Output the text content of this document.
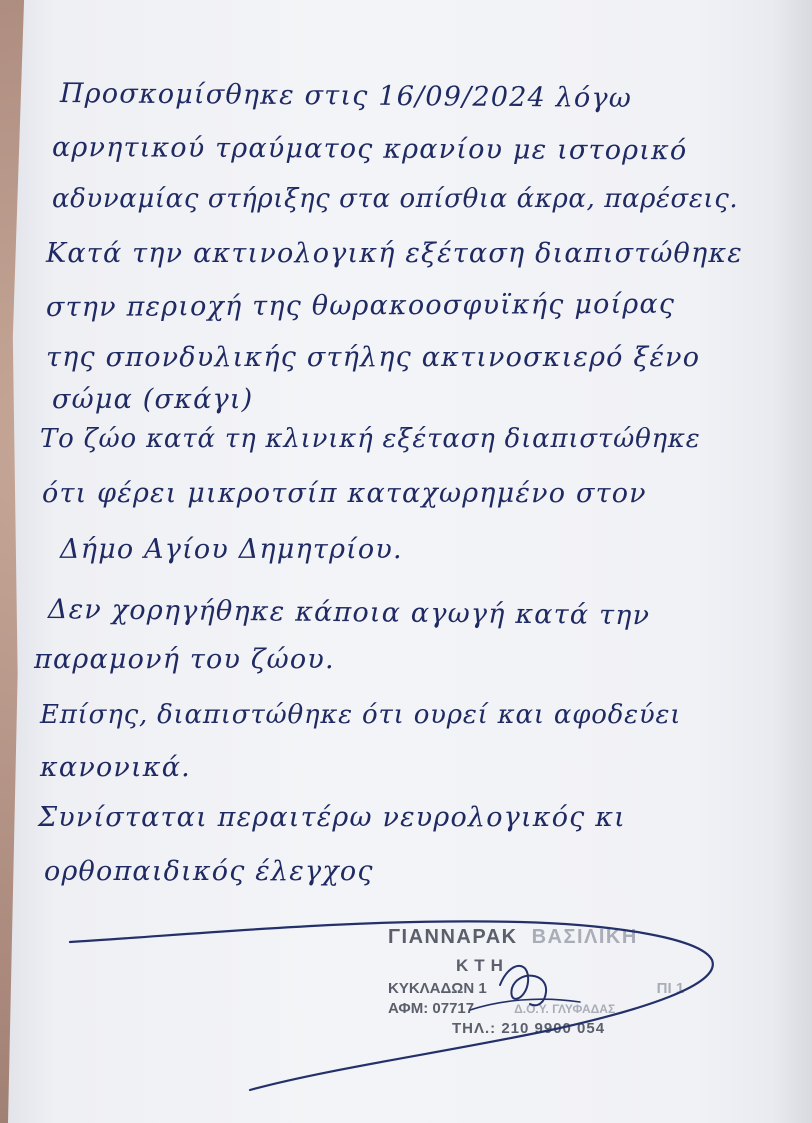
Προσκομίσθηκε στις 16/09/2024 λόγω
αρνητικού τραύματος κρανίου με ιστορικό
αδυναμίας στήριξης στα οπίσθια άκρα, παρέσεις.
Κατά την ακτινολογική εξέταση διαπιστώθηκε
στην περιοχή της θωρακοοσφυϊκής μοίρας
της σπονδυλικής στήλης ακτινοσκιερό ξένο
σώμα (σκάγι)
Το ζώο κατά τη κλινική εξέταση διαπιστώθηκε
ότι φέρει μικροτσίπ καταχωρημένο στον
Δήμο Αγίου Δημητρίου.
Δεν χορηγήθηκε κάποια αγωγή κατά την
παραμονή του ζώου.
Επίσης, διαπιστώθηκε ότι ουρεί και αφοδεύει
κανονικά.
Συνίσταται περαιτέρω νευρολογικός κι
ορθοπαιδικός έλεγχος
ΓΙΑΝΝΑΡΑΚ ΒΑΣΙΛΙΚΗ
ΚΤΗ
ΚΥΚΛΑΔΩΝ 1	ΠΙ 1
ΑΦΜ: 07717	Δ.Ο.Υ. ΓΛΥΦΑΔΑΣ
ΤΗΛ.: 210 9900 054
